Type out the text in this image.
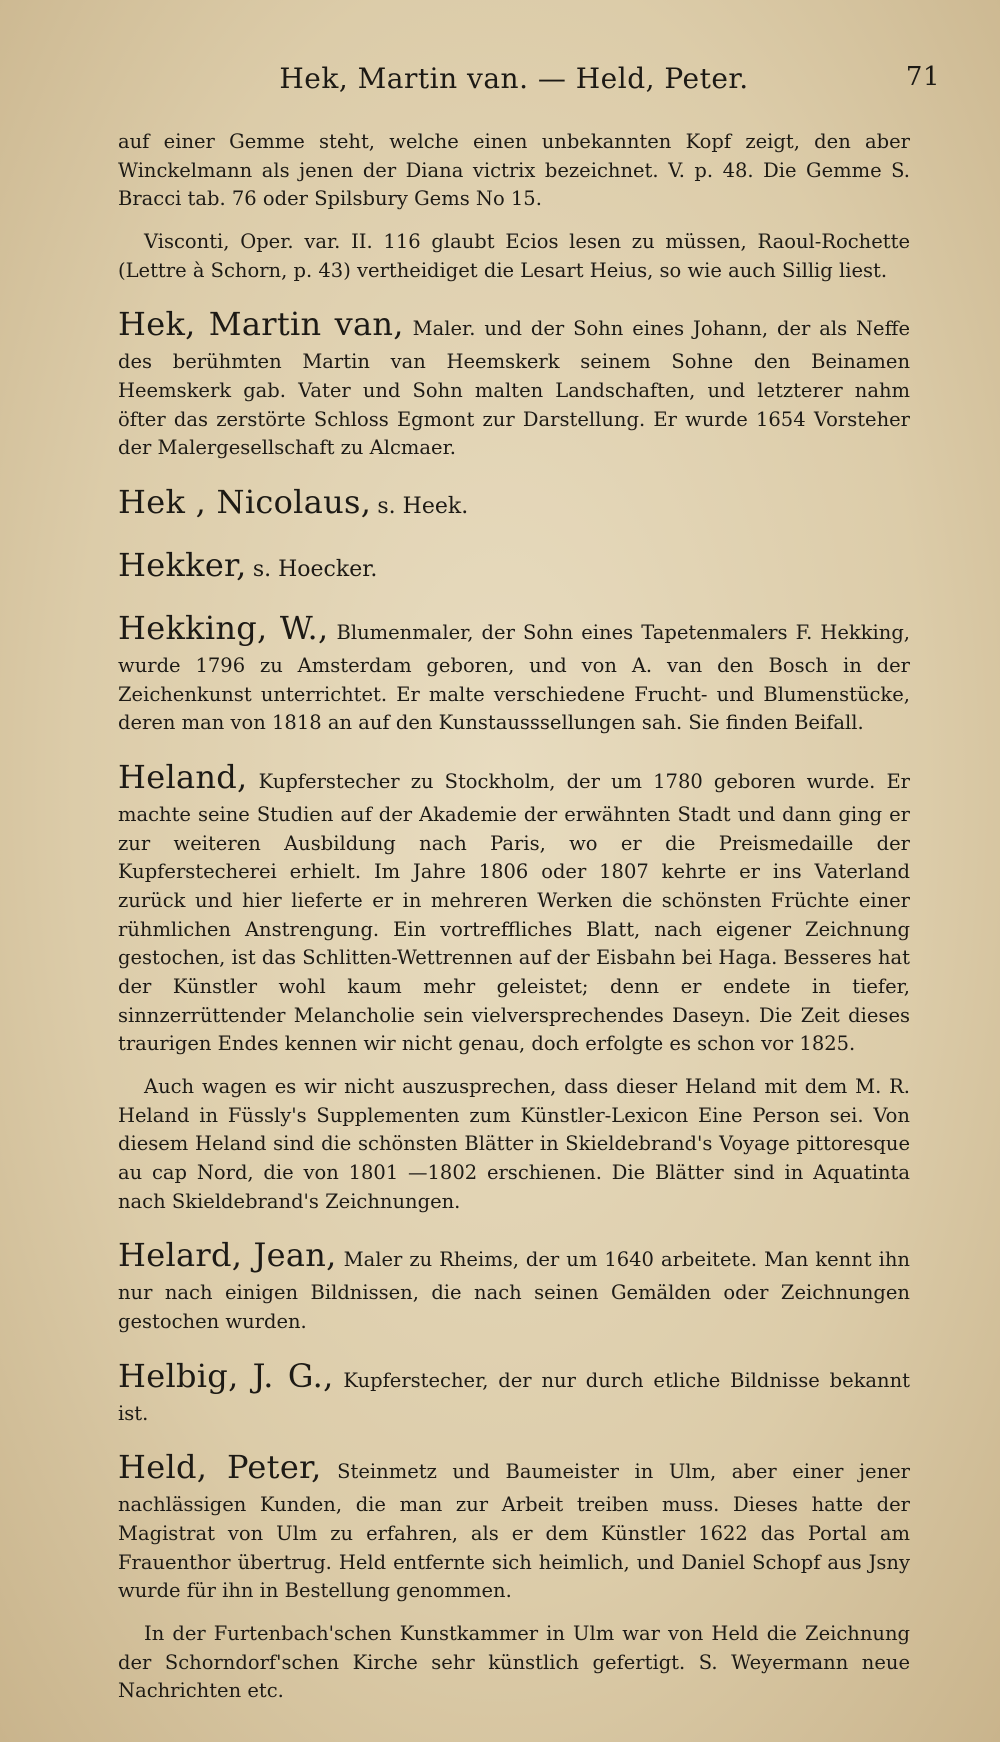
Hek, Martin van. — Held, Peter.	71

auf einer Gemme steht, welche einen unbekannten Kopf zeigt, den aber Winckelmann als jenen der Diana victrix bezeichnet. V. p. 48. Die Gemme S. Bracci tab. 76 oder Spilsbury Gems No 15.

Visconti, Oper. var. II. 116 glaubt Ecios lesen zu müssen, Raoul-Rochette (Lettre à Schorn, p. 43) vertheidiget die Lesart Heius, so wie auch Sillig liest.

Hek, Martin van, Maler. und der Sohn eines Johann, der als Neffe des berühmten Martin van Heemskerk seinem Sohne den Beinamen Heemskerk gab. Vater und Sohn malten Landschaften, und letzterer nahm öfter das zerstörte Schloss Egmont zur Darstellung. Er wurde 1654 Vorsteher der Malergesellschaft zu Alcmaer.

Hek , Nicolaus, s. Heek.

Hekker, s. Hoecker.

Hekking, W., Blumenmaler, der Sohn eines Tapetenmalers F. Hekking, wurde 1796 zu Amsterdam geboren, und von A. van den Bosch in der Zeichenkunst unterrichtet. Er malte verschiedene Frucht- und Blumenstücke, deren man von 1818 an auf den Kunstausssellungen sah. Sie finden Beifall.

Heland, Kupferstecher zu Stockholm, der um 1780 geboren wurde. Er machte seine Studien auf der Akademie der erwähnten Stadt und dann ging er zur weiteren Ausbildung nach Paris, wo er die Preismedaille der Kupferstecherei erhielt. Im Jahre 1806 oder 1807 kehrte er ins Vaterland zurück und hier lieferte er in mehreren Werken die schönsten Früchte einer rühmlichen Anstrengung. Ein vortreffliches Blatt, nach eigener Zeichnung gestochen, ist das Schlitten-Wettrennen auf der Eisbahn bei Haga. Besseres hat der Künstler wohl kaum mehr geleistet; denn er endete in tiefer, sinnzerrüttender Melancholie sein vielversprechendes Daseyn. Die Zeit dieses traurigen Endes kennen wir nicht genau, doch erfolgte es schon vor 1825.

Auch wagen es wir nicht auszusprechen, dass dieser Heland mit dem M. R. Heland in Füssly's Supplementen zum Künstler-Lexicon Eine Person sei. Von diesem Heland sind die schönsten Blätter in Skieldebrand's Voyage pittoresque au cap Nord, die von 1801 —1802 erschienen. Die Blätter sind in Aquatinta nach Skieldebrand's Zeichnungen.

Helard, Jean, Maler zu Rheims, der um 1640 arbeitete. Man kennt ihn nur nach einigen Bildnissen, die nach seinen Gemälden oder Zeichnungen gestochen wurden.

Helbig, J. G., Kupferstecher, der nur durch etliche Bildnisse bekannt ist.

Held, Peter, Steinmetz und Baumeister in Ulm, aber einer jener nachlässigen Kunden, die man zur Arbeit treiben muss. Dieses hatte der Magistrat von Ulm zu erfahren, als er dem Künstler 1622 das Portal am Frauenthor übertrug. Held entfernte sich heimlich, und Daniel Schopf aus Jsny wurde für ihn in Bestellung genommen.

In der Furtenbach'schen Kunstkammer in Ulm war von Held die Zeichnung der Schorndorf'schen Kirche sehr künstlich gefertigt. S. Weyermann neue Nachrichten etc.
